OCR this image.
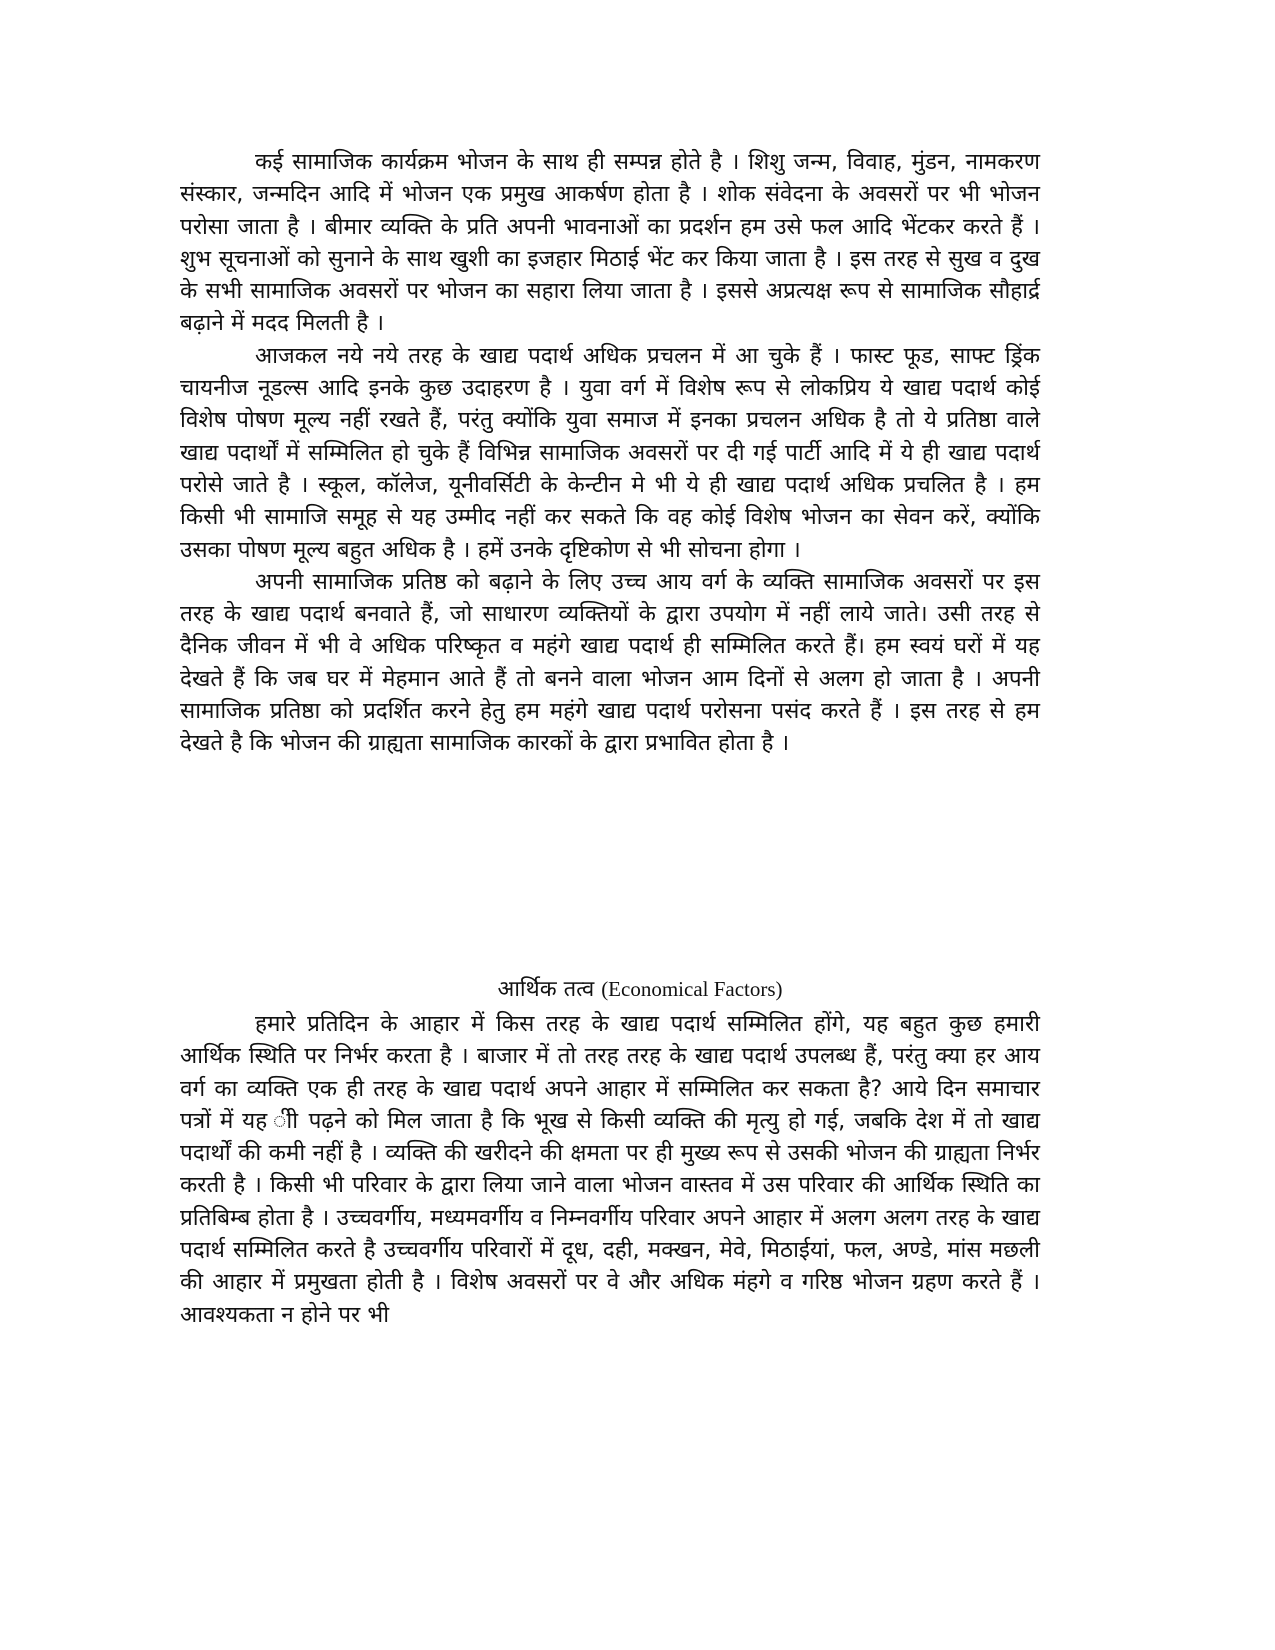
कई सामाजिक कार्यक्रम भोजन के साथ ही सम्पन्न होते है । शिशु जन्म, विवाह, मुंडन, नामकरण संस्कार, जन्मदिन आदि में भोजन एक प्रमुख आकर्षण होता है । शोक संवेदना के अवसरों पर भी भोजन परोसा जाता है । बीमार व्यक्ति के प्रति अपनी भावनाओं का प्रदर्शन हम उसे फल आदि भेंटकर करते हैं । शुभ सूचनाओं को सुनाने के साथ खुशी का इजहार मिठाई भेंट कर किया जाता है । इस तरह से सुख व दुख के सभी सामाजिक अवसरों पर भोजन का सहारा लिया जाता है । इससे अप्रत्यक्ष रूप से सामाजिक सौहार्द्र बढ़ाने में मदद मिलती है ।

आजकल नये नये तरह के खाद्य पदार्थ अधिक प्रचलन में आ चुके हैं । फास्ट फूड, साफ्ट ड्रिंक चायनीज नूडल्स आदि इनके कुछ उदाहरण है । युवा वर्ग में विशेष रूप से लोकप्रिय ये खाद्य पदार्थ कोई विशेष पोषण मूल्य नहीं रखते हैं, परंतु क्योंकि युवा समाज में इनका प्रचलन अधिक है तो ये प्रतिष्ठा वाले खाद्य पदार्थों में सम्मिलित हो चुके हैं विभिन्न सामाजिक अवसरों पर दी गई पार्टी आदि में ये ही खाद्य पदार्थ परोसे जाते है । स्कूल, कॉलेज, यूनीवर्सिटी के केन्टीन मे भी ये ही खाद्य पदार्थ अधिक प्रचलित है । हम किसी भी सामाजि समूह से यह उम्मीद नहीं कर सकते कि वह कोई विशेष भोजन का सेवन करें, क्योंकि उसका पोषण मूल्य बहुत अधिक है । हमें उनके दृष्टिकोण से भी सोचना होगा ।

अपनी सामाजिक प्रतिष्ठ को बढ़ाने के लिए उच्च आय वर्ग के व्यक्ति सामाजिक अवसरों पर इस तरह के खाद्य पदार्थ बनवाते हैं, जो साधारण व्यक्तियों के द्वारा उपयोग में नहीं लाये जाते। उसी तरह से दैनिक जीवन में भी वे अधिक परिष्कृत व महंगे खाद्य पदार्थ ही सम्मिलित करते हैं। हम स्वयं घरों में यह देखते हैं कि जब घर में मेहमान आते हैं तो बनने वाला भोजन आम दिनों से अलग हो जाता है । अपनी सामाजिक प्रतिष्ठा को प्रदर्शित करने हेतु हम महंगे खाद्य पदार्थ परोसना पसंद करते हैं । इस तरह से हम देखते है कि भोजन की ग्राह्यता सामाजिक कारकों के द्वारा प्रभावित होता है ।

आर्थिक तत्व (Economical Factors)

हमारे प्रतिदिन के आहार में किस तरह के खाद्य पदार्थ सम्मिलित होंगे, यह बहुत कुछ हमारी आर्थिक स्थिति पर निर्भर करता है । बाजार में तो तरह तरह के खाद्य पदार्थ उपलब्ध हैं, परंतु क्या हर आय वर्ग का व्यक्ति एक ही तरह के खाद्य पदार्थ अपने आहार में सम्मिलित कर सकता है? आये दिन समाचार पत्रों में यह ीी पढ़ने को मिल जाता है कि भूख से किसी व्यक्ति की मृत्यु हो गई, जबकि देश में तो खाद्य पदार्थों की कमी नहीं है । व्यक्ति की खरीदने की क्षमता पर ही मुख्य रूप से उसकी भोजन की ग्राह्यता निर्भर करती है । किसी भी परिवार के द्वारा लिया जाने वाला भोजन वास्तव में उस परिवार की आर्थिक स्थिति का प्रतिबिम्ब होता है । उच्चवर्गीय, मध्यमवर्गीय व निम्नवर्गीय परिवार अपने आहार में अलग अलग तरह के खाद्य पदार्थ सम्मिलित करते है उच्चवर्गीय परिवारों में दूध, दही, मक्खन, मेवे, मिठाईयां, फल, अण्डे, मांस मछली की आहार में प्रमुखता होती है । विशेष अवसरों पर वे और अधिक मंहगे व गरिष्ठ भोजन ग्रहण करते हैं । आवश्यकता न होने पर भी
